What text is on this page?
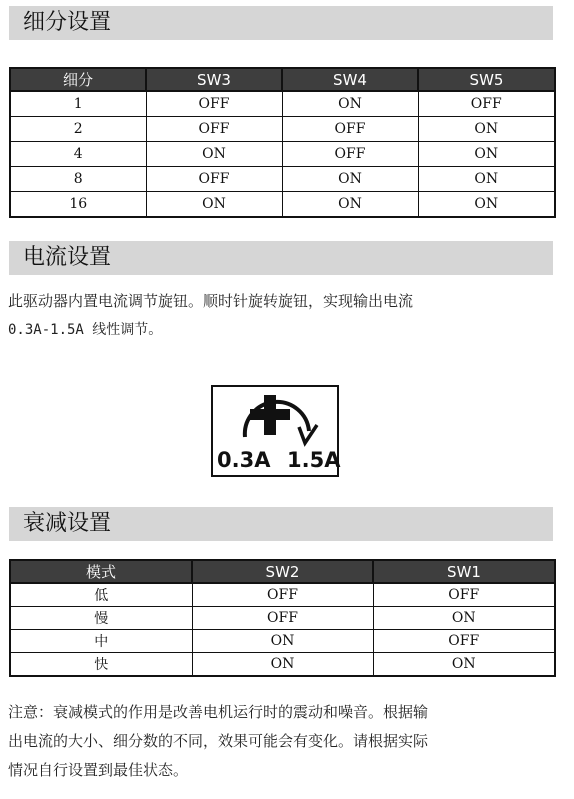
细分设置
细分	SW3	SW4	SW5
1	OFF	ON	OFF
2	OFF	OFF	ON
4	ON	OFF	ON
8	OFF	ON	ON
16	ON	ON	ON
电流设置
此驱动器内置电流调节旋钮。顺时针旋转旋钮，实现输出电流
0.3A-1.5A 线性调节。
0.3A 1.5A
衰减设置
模式	SW2	SW1
低	OFF	OFF
慢	OFF	ON
中	ON	OFF
快	ON	ON
注意：衰减模式的作用是改善电机运行时的震动和噪音。根据输
出电流的大小、细分数的不同，效果可能会有变化。请根据实际
情况自行设置到最佳状态。
